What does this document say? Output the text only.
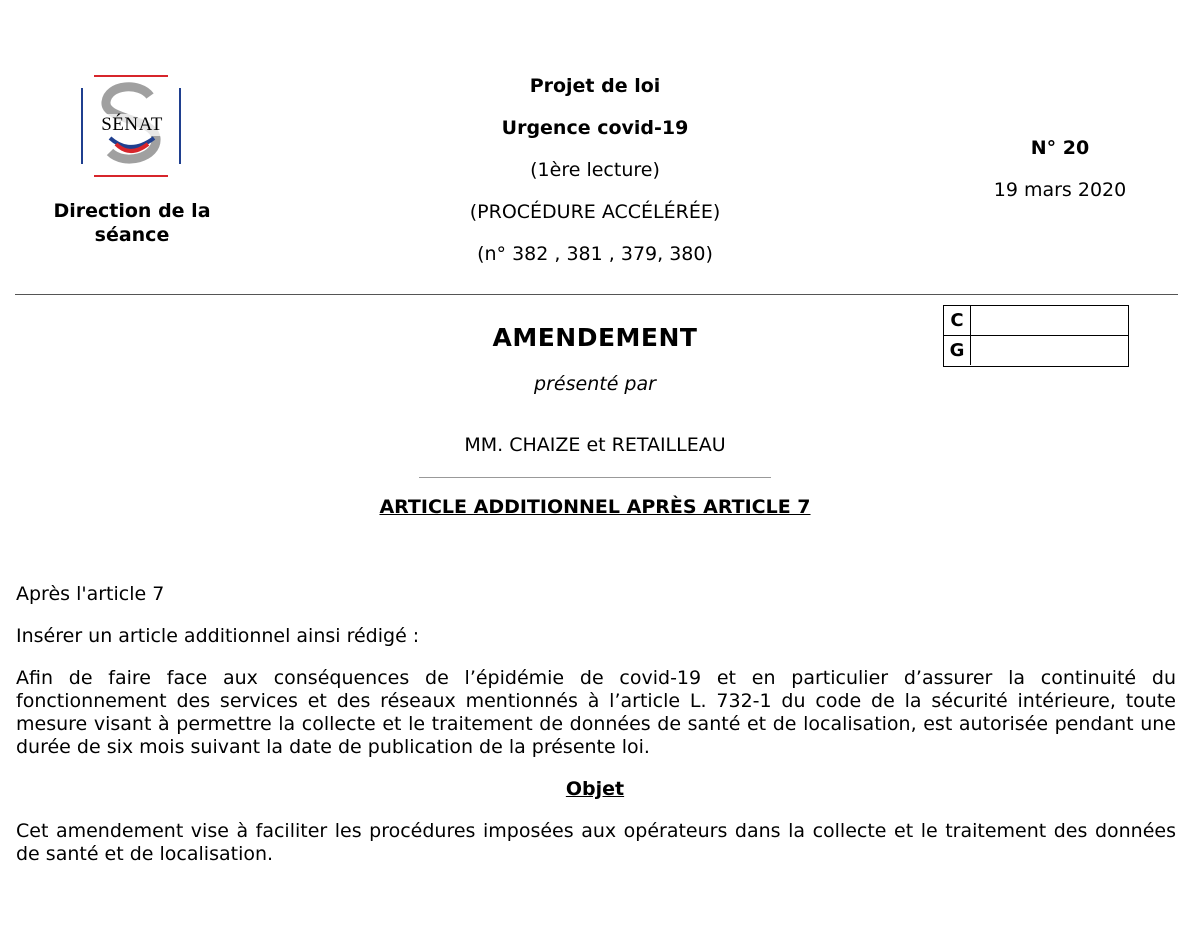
SÉNAT
Direction de la séance
Projet de loi
Urgence covid-19
(1ère lecture)
(PROCÉDURE ACCÉLÉRÉE)
(n° 382 , 381 , 379, 380)
N° 20
19 mars 2020
C
G
AMENDEMENT
présenté par
MM. CHAIZE et RETAILLEAU
ARTICLE ADDITIONNEL APRÈS ARTICLE 7
Après l'article 7
Insérer un article additionnel ainsi rédigé :
Afin de faire face aux conséquences de l’épidémie de covid-19 et en particulier d’assurer la continuité du fonctionnement des services et des réseaux mentionnés à l’article L. 732-1 du code de la sécurité intérieure, toute mesure visant à permettre la collecte et le traitement de données de santé et de localisation, est autorisée pendant une durée de six mois suivant la date de publication de la présente loi.
Objet
Cet amendement vise à faciliter les procédures imposées aux opérateurs dans la collecte et le traitement des données de santé et de localisation.
